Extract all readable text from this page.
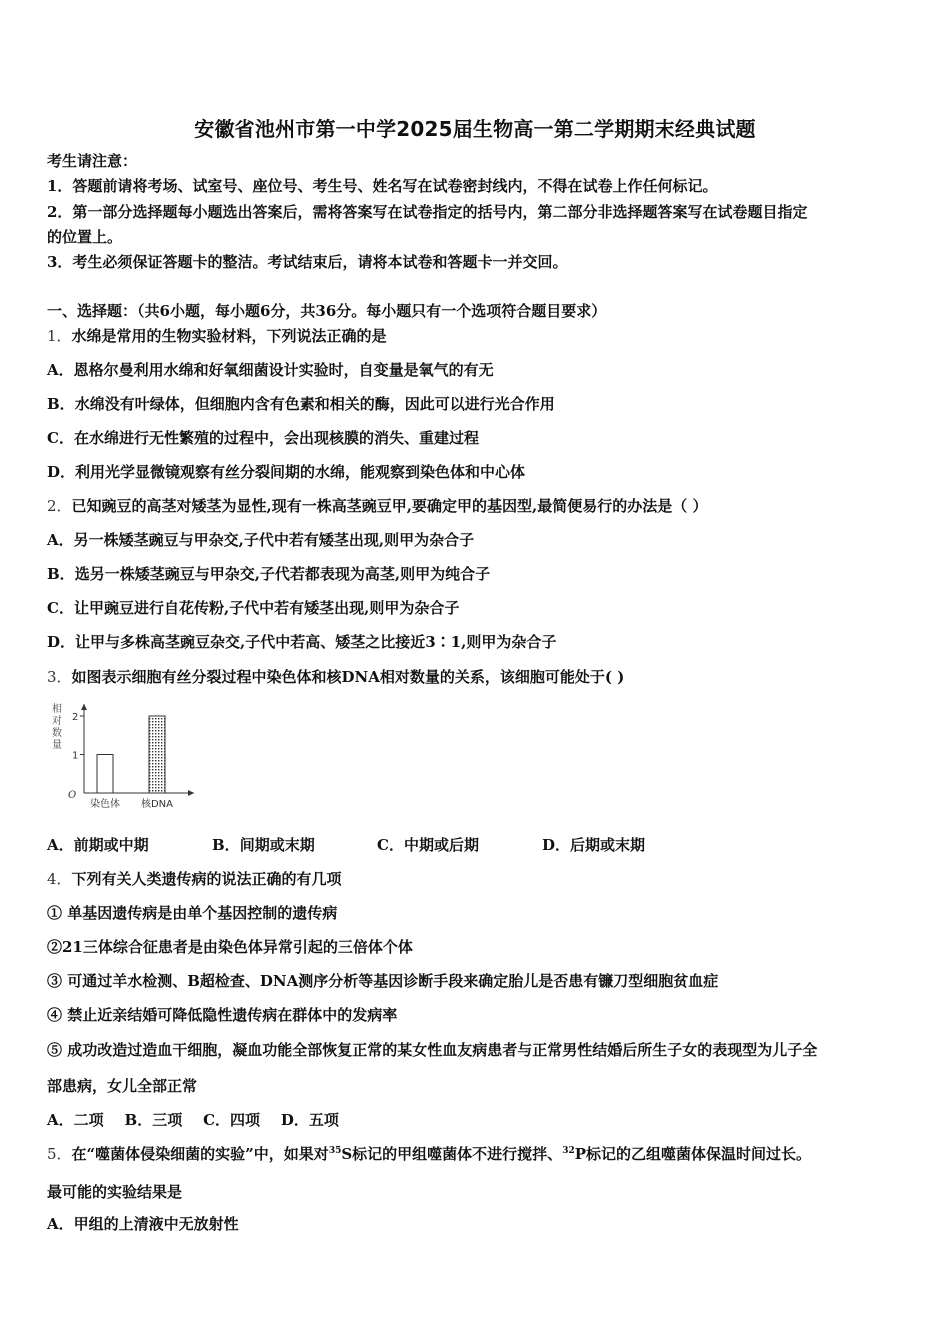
安徽省池州市第一中学2025届生物高一第二学期期末经典试题
考生请注意：
1．答题前请将考场、试室号、座位号、考生号、姓名写在试卷密封线内，不得在试卷上作任何标记。
2．第一部分选择题每小题选出答案后，需将答案写在试卷指定的括号内，第二部分非选择题答案写在试卷题目指定
的位置上。
3．考生必须保证答题卡的整洁。考试结束后，请将本试卷和答题卡一并交回。
一、选择题：（共6小题，每小题6分，共36分。每小题只有一个选项符合题目要求）
1．水绵是常用的生物实验材料，下列说法正确的是
A．恩格尔曼利用水绵和好氧细菌设计实验时，自变量是氧气的有无
B．水绵没有叶绿体，但细胞内含有色素和相关的酶，因此可以进行光合作用
C．在水绵进行无性繁殖的过程中，会出现核膜的消失、重建过程
D．利用光学显微镜观察有丝分裂间期的水绵，能观察到染色体和中心体
2．已知豌豆的高茎对矮茎为显性,现有一株高茎豌豆甲,要确定甲的基因型,最简便易行的办法是（ ）
A．另一株矮茎豌豆与甲杂交,子代中若有矮茎出现,则甲为杂合子
B．选另一株矮茎豌豆与甲杂交,子代若都表现为高茎,则甲为纯合子
C．让甲豌豆进行自花传粉,子代中若有矮茎出现,则甲为杂合子
D．让甲与多株高茎豌豆杂交,子代中若高、矮茎之比接近3∶1,则甲为杂合子
3．如图表示细胞有丝分裂过程中染色体和核DNA相对数量的关系，该细胞可能处于( )
O
相
对
数
量
1
2
染色体 核DNA
A．前期或中期	B．间期或末期	C．中期或后期	D．后期或末期
4．下列有关人类遗传病的说法正确的有几项
① 单基因遗传病是由单个基因控制的遗传病
②21三体综合征患者是由染色体异常引起的三倍体个体
③ 可通过羊水检测、B超检查、DNA测序分析等基因诊断手段来确定胎儿是否患有镰刀型细胞贫血症
④ 禁止近亲结婚可降低隐性遗传病在群体中的发病率
⑤ 成功改造过造血干细胞，凝血功能全部恢复正常的某女性血友病患者与正常男性结婚后所生子女的表现型为儿子全
部患病，女儿全部正常
A．二项    B．三项    C．四项    D．五项
5．在“噬菌体侵染细菌的实验”中，如果对$^{35}$S标记的甲组噬菌体不进行搅拌、$^{32}$P标记的乙组噬菌体保温时间过长。
最可能的实验结果是
A．甲组的上清液中无放射性
